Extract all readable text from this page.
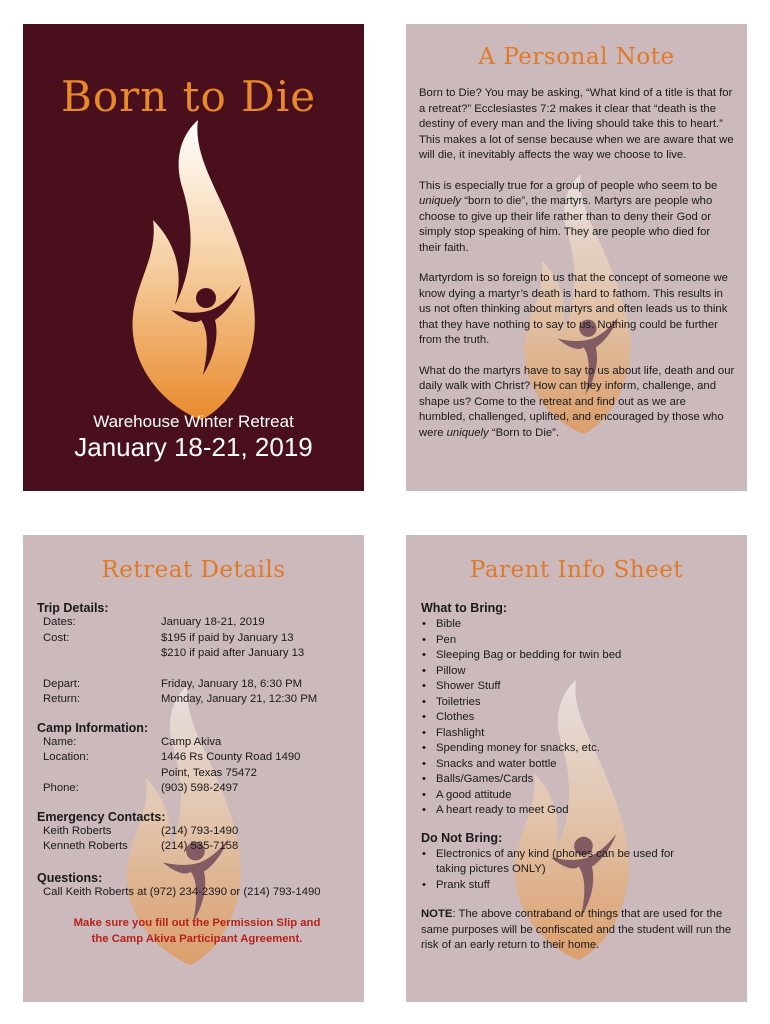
Born to Die
Warehouse Winter Retreat
January 18-21, 2019
A Personal Note

Born to Die? You may be asking, “What kind of a title is that for a retreat?” Ecclesiastes 7:2 makes it clear that “death is the destiny of every man and the living should take this to heart.” This makes a lot of sense because when we are aware that we will die, it inevitably affects the way we choose to live.

This is especially true for a group of people who seem to be uniquely “born to die”, the martyrs. Martyrs are people who choose to give up their life rather than to deny their God or simply stop speaking of him. They are people who died for their faith.

Martyrdom is so foreign to us that the concept of someone we know dying a martyr’s death is hard to fathom. This results in us not often thinking about martyrs and often leads us to think that they have nothing to say to us. Nothing could be further from the truth.

What do the martyrs have to say to us about life, death and our daily walk with Christ? How can they inform, challenge, and shape us? Come to the retreat and find out as we are humbled, challenged, uplifted, and encouraged by those who were uniquely “Born to Die”.

Retreat Details

Trip Details:

Dates:	January 18-21, 2019
Cost:	$195 if paid by January 13
$210 if paid after January 13
Depart:	Friday, January 18, 6:30 PM
Return:	Monday, January 21, 12:30 PM

Camp Information:

Name:	Camp Akiva
Location:	1446 Rs County Road 1490
Point, Texas 75472
Phone:	(903) 598-2497

Emergency Contacts:

Keith Roberts	(214) 793-1490
Kenneth Roberts	(214) 535-7158

Questions:

Call Keith Roberts at (972) 234-2390 or (214) 793-1490
Make sure you fill out the Permission Slip and
the Camp Akiva Participant Agreement.
Parent Info Sheet

What to Bring:

• Bible
• Pen
• Sleeping Bag or bedding for twin bed
• Pillow
• Shower Stuff
• Toiletries
• Clothes
• Flashlight
• Spending money for snacks, etc.
• Snacks and water bottle
• Balls/Games/Cards
• A good attitude
• A heart ready to meet God

Do Not Bring:

• Electronics of any kind (phones can be used for
taking pictures ONLY)
• Prank stuff
NOTE: The above contraband or things that are used for the same purposes will be confiscated and the student will run the risk of an early return to their home.
